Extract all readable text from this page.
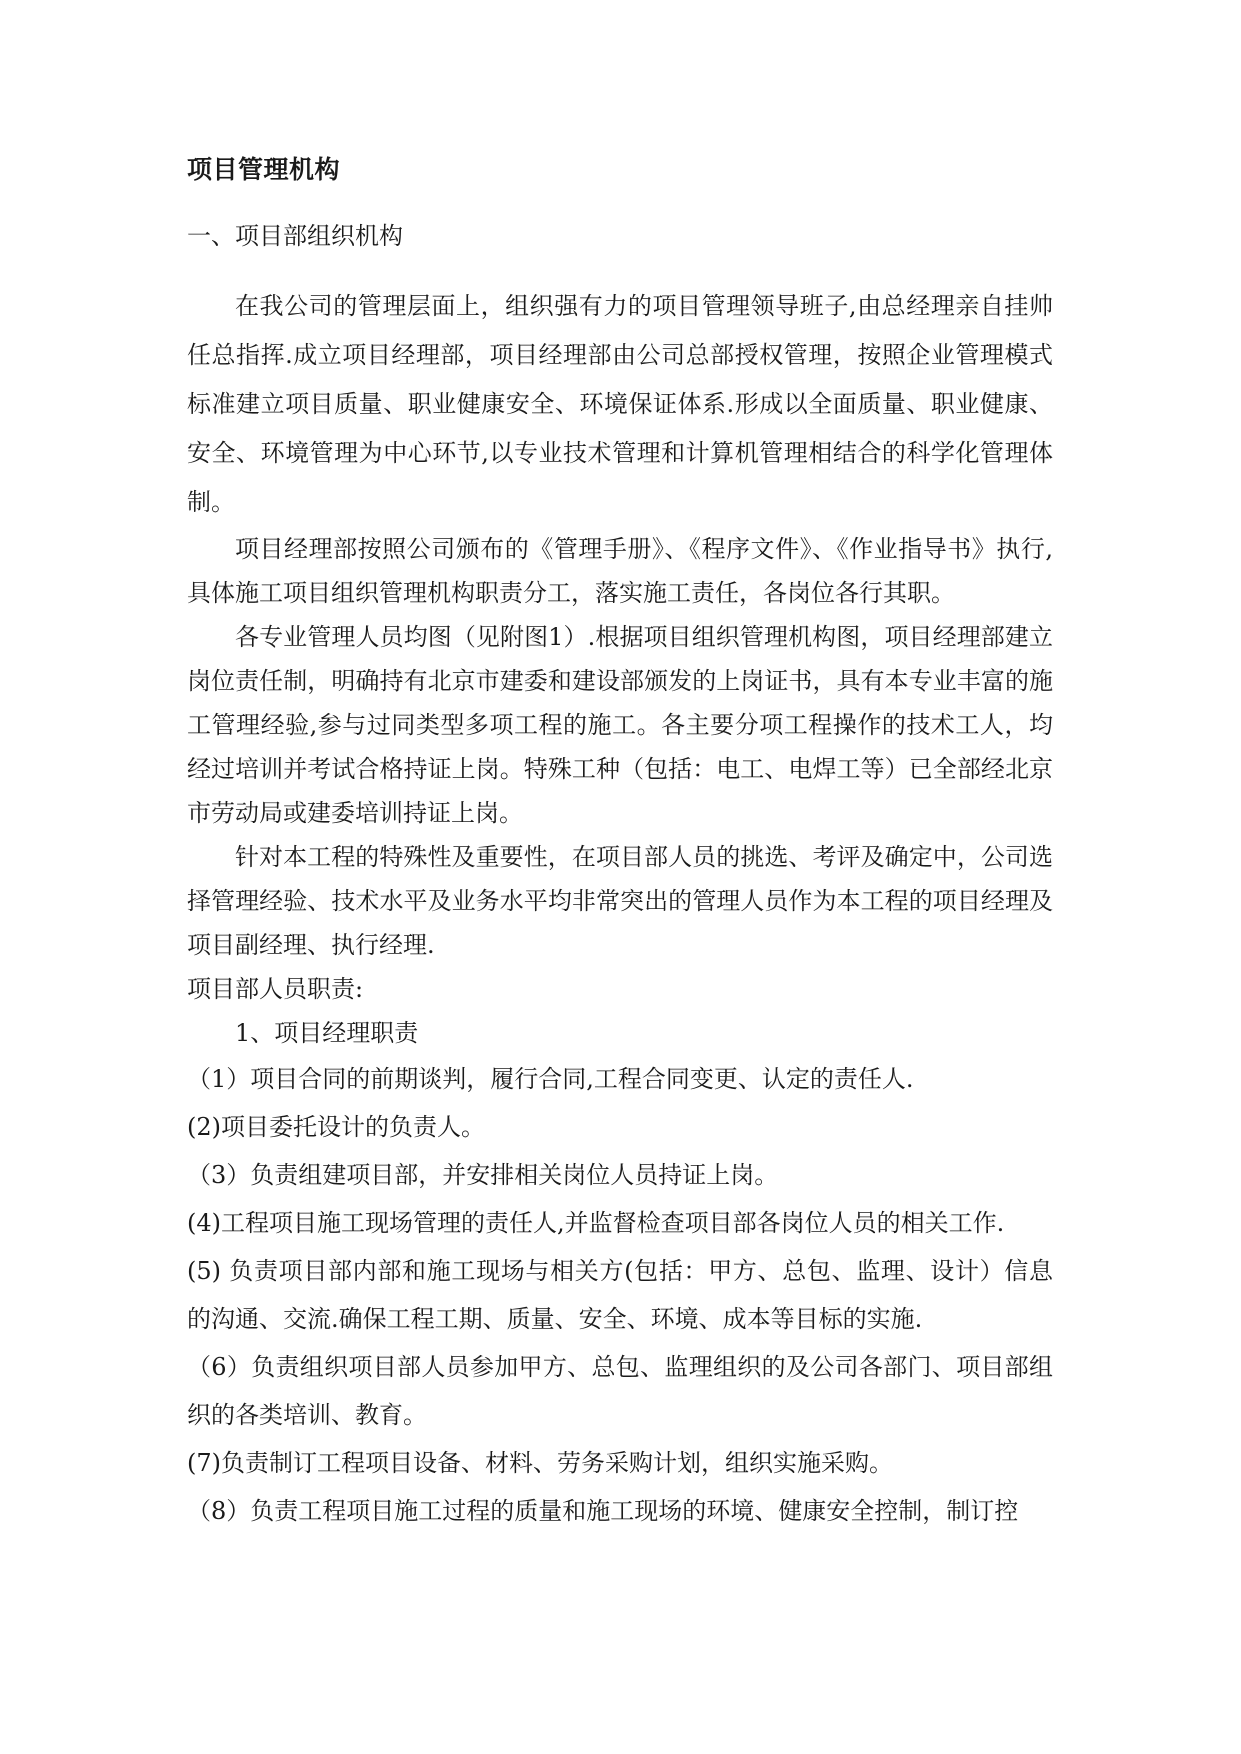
项目管理机构
一、项目部组织机构

在我公司的管理层面上，组织强有力的项目管理领导班子,由总经理亲自挂帅任总指挥.成立项目经理部，项目经理部由公司总部授权管理，按照企业管理模式标准建立项目质量、职业健康安全、环境保证体系.形成以全面质量、职业健康、安全、环境管理为中心环节,以专业技术管理和计算机管理相结合的科学化管理体制。

项目经理部按照公司颁布的《管理手册》、《程序文件》、《作业指导书》执行,具体施工项目组织管理机构职责分工，落实施工责任，各岗位各行其职。

各专业管理人员均图（见附图1）.根据项目组织管理机构图，项目经理部建立岗位责任制，明确持有北京市建委和建设部颁发的上岗证书，具有本专业丰富的施工管理经验,参与过同类型多项工程的施工。各主要分项工程操作的技术工人，均经过培训并考试合格持证上岗。特殊工种（包括：电工、电焊工等）已全部经北京市劳动局或建委培训持证上岗。

针对本工程的特殊性及重要性，在项目部人员的挑选、考评及确定中，公司选择管理经验、技术水平及业务水平均非常突出的管理人员作为本工程的项目经理及项目副经理、执行经理.

项目部人员职责:

1、项目经理职责

（1）项目合同的前期谈判，履行合同,工程合同变更、认定的责任人.

(2)项目委托设计的负责人。

（3）负责组建项目部，并安排相关岗位人员持证上岗。

(4)工程项目施工现场管理的责任人,并监督检查项目部各岗位人员的相关工作.

(5) 负责项目部内部和施工现场与相关方(包括：甲方、总包、监理、设计）信息的沟通、交流.确保工程工期、质量、安全、环境、成本等目标的实施.

（6）负责组织项目部人员参加甲方、总包、监理组织的及公司各部门、项目部组织的各类培训、教育。

(7)负责制订工程项目设备、材料、劳务采购计划，组织实施采购。

（8）负责工程项目施工过程的质量和施工现场的环境、健康安全控制，制订控
